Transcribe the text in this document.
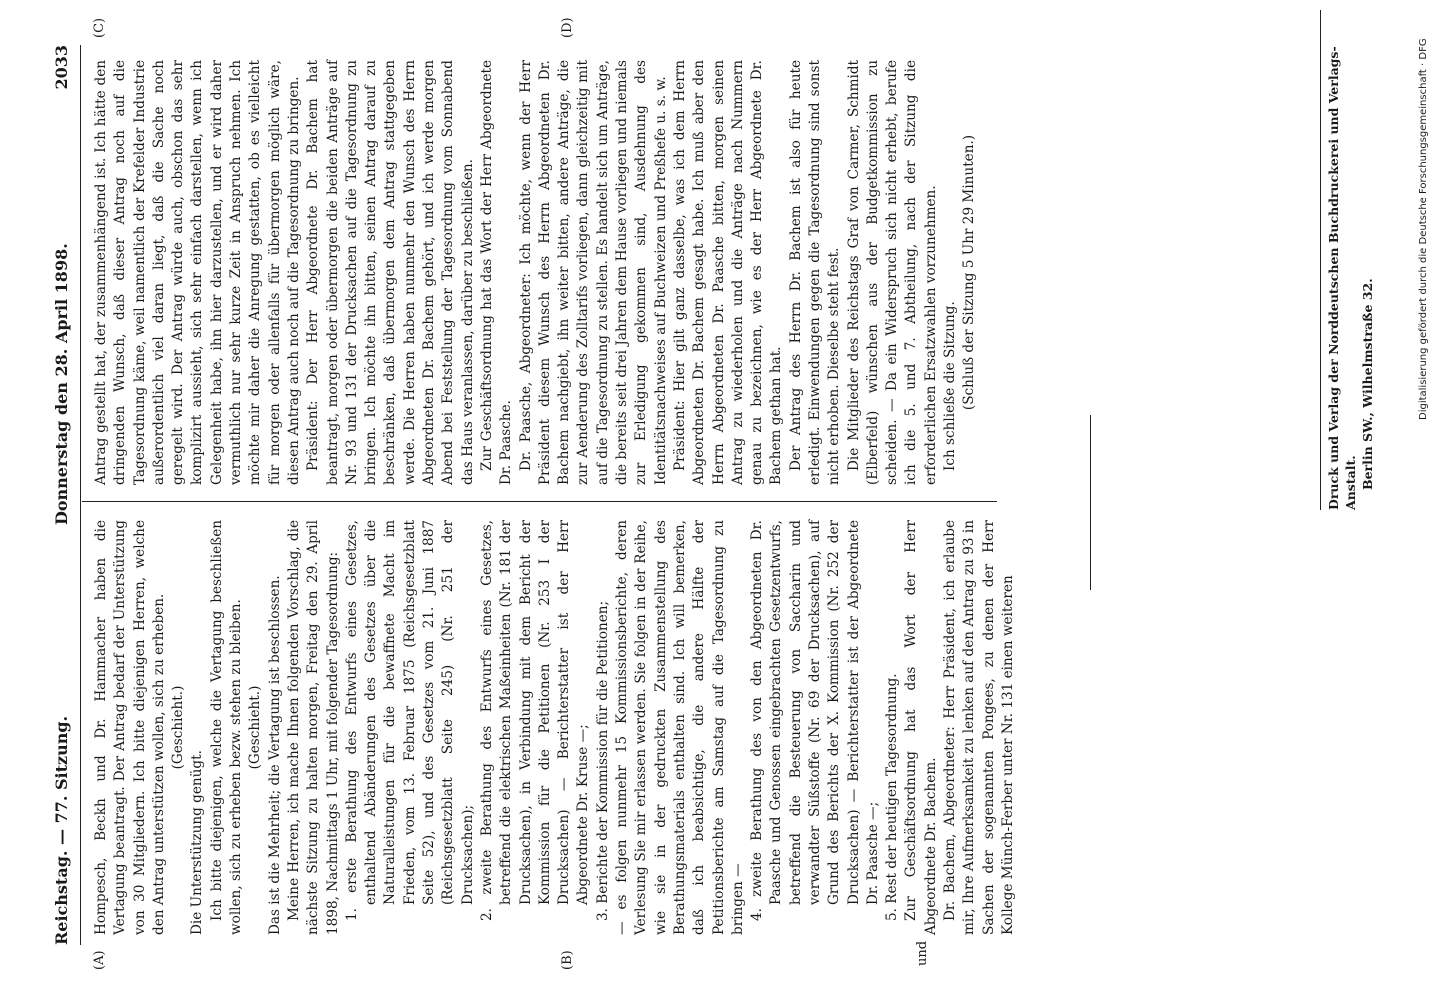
Reichstag. — 77. Sitzung.
Donnerstag den 28. April 1898.
2033
(A)	(B)
(C)	(D)

Hompesch, Beckh und Dr. Hammacher haben die Vertagung beantragt. Der Antrag bedarf der Unterstützung von 30 Mitgliedern. Ich bitte diejenigen Herren, welche den Antrag unterstützen wollen, sich zu erheben. (Geschieht.)

Die Unterstützung genügt. Ich bitte diejenigen, welche die Vertagung beschließen wollen, sich zu erheben bezw. stehen zu bleiben. (Geschieht.) Das ist die Mehrheit; die Vertagung ist beschlossen. Meine Herren, ich mache Ihnen folgenden Vorschlag, die nächste Sitzung zu halten morgen, Freitag den 29. April 1898, Nachmittags 1 Uhr, mit folgender Tagesordnung: 1. erste Berathung des Entwurfs eines Gesetzes, enthaltend Abänderungen des Gesetzes über die Naturalleistungen für die bewaffnete Macht im Frieden, vom 13. Februar 1875 (Reichsgesetzblatt Seite 52), und des Gesetzes vom 21. Juni 1887 (Reichsgesetzblatt Seite 245) (Nr. 251 der Drucksachen); 2. zweite Berathung des Entwurfs eines Gesetzes, betreffend die elektrischen Maßeinheiten (Nr. 181 der Drucksachen), in Verbindung mit dem Bericht der Kommission für die Petitionen (Nr. 253 I der Drucksachen) — Berichterstatter ist der Herr Abgeordnete Dr. Kruse —; 3. Berichte der Kommission für die Petitionen; — es folgen nunmehr 15 Kommissionsberichte, deren Verlesung Sie mir erlassen werden. Sie folgen in der Reihe, wie sie in der gedruckten Zusammenstellung des Berathungsmaterials enthalten sind. Ich will bemerken, daß ich beabsichtige, die andere Hälfte der Petitionsberichte am Samstag auf die Tagesordnung zu bringen — 4. zweite Berathung des von den Abgeordneten Dr. Paasche und Genossen eingebrachten Gesetzentwurfs, betreffend die Besteuerung von Saccharin und verwandter Süßstoffe (Nr. 69 der Drucksachen), auf Grund des Berichts der X. Kommission (Nr. 252 der Drucksachen) — Berichterstatter ist der Abgeordnete Dr. Paasche —; 5. Rest der heutigen Tagesordnung. Zur Geschäftsordnung hat das Wort der Herr Abgeordnete Dr. Bachem. Dr. Bachem, Abgeordneter: Herr Präsident, ich erlaube mir, Ihre Aufmerksamkeit zu lenken auf den Antrag zu 93 in Sachen der sogenannten Pongees, zu denen der Herr Kollege Münch-Ferber unter Nr. 131 einen weiteren

und

Antrag gestellt hat, der zusammenhängend ist. Ich hätte den dringenden Wunsch, daß dieser Antrag noch auf die Tagesordnung käme, weil namentlich der Krefelder Industrie außerordentlich viel daran liegt, daß die Sache noch geregelt wird. Der Antrag würde auch, obschon das sehr komplizirt aussieht, sich sehr einfach darstellen, wenn ich Gelegenheit habe, ihn hier darzustellen, und er wird daher vermuthlich nur sehr kurze Zeit in Anspruch nehmen. Ich möchte mir daher die Anregung gestatten, ob es vielleicht für morgen oder allenfalls für übermorgen möglich wäre, diesen Antrag auch noch auf die Tagesordnung zu bringen. Präsident: Der Herr Abgeordnete Dr. Bachem hat beantragt, morgen oder übermorgen die beiden Anträge auf Nr. 93 und 131 der Drucksachen auf die Tagesordnung zu bringen. Ich möchte ihn bitten, seinen Antrag darauf zu beschränken, daß übermorgen dem Antrag stattgegeben werde. Die Herren haben nunmehr den Wunsch des Herrn Abgeordneten Dr. Bachem gehört, und ich werde morgen Abend bei Feststellung der Tagesordnung vom Sonnabend das Haus veranlassen, darüber zu beschließen. Zur Geschäftsordnung hat das Wort der Herr Abgeordnete Dr. Paasche. Dr. Paasche, Abgeordneter: Ich möchte, wenn der Herr Präsident diesem Wunsch des Herrn Abgeordneten Dr. Bachem nachgiebt, ihn weiter bitten, andere Anträge, die zur Aenderung des Zolltarifs vorliegen, dann gleichzeitig mit auf die Tagesordnung zu stellen. Es handelt sich um Anträge, die bereits seit drei Jahren dem Hause vorliegen und niemals zur Erledigung gekommen sind, Ausdehnung des Identitätsnachweises auf Buchweizen und Preßhefe u. s. w. Präsident: Hier gilt ganz dasselbe, was ich dem Herrn Abgeordneten Dr. Bachem gesagt habe. Ich muß aber den Herrn Abgeordneten Dr. Paasche bitten, morgen seinen Antrag zu wiederholen und die Anträge nach Nummern genau zu bezeichnen, wie es der Herr Abgeordnete Dr. Bachem gethan hat. Der Antrag des Herrn Dr. Bachem ist also für heute erledigt. Einwendungen gegen die Tagesordnung sind sonst nicht erhoben. Dieselbe steht fest. Die Mitglieder des Reichstags Graf von Carmer, Schmidt (Elberfeld) wünschen aus der Budgetkommission zu scheiden. — Da ein Widerspruch sich nicht erhebt, berufe ich die 5. und 7. Abtheilung, nach der Sitzung die erforderlichen Ersatzwahlen vorzunehmen. Ich schließe die Sitzung. (Schluß der Sitzung 5 Uhr 29 Minuten.)	Druck und Verlag der Norddeutschen Buchdruckerei und Verlags-Anstalt. Berlin SW., Wilhelmstraße 32.	Digitalisierung gefördert durch die Deutsche Forschungsgemeinschaft · DFG
